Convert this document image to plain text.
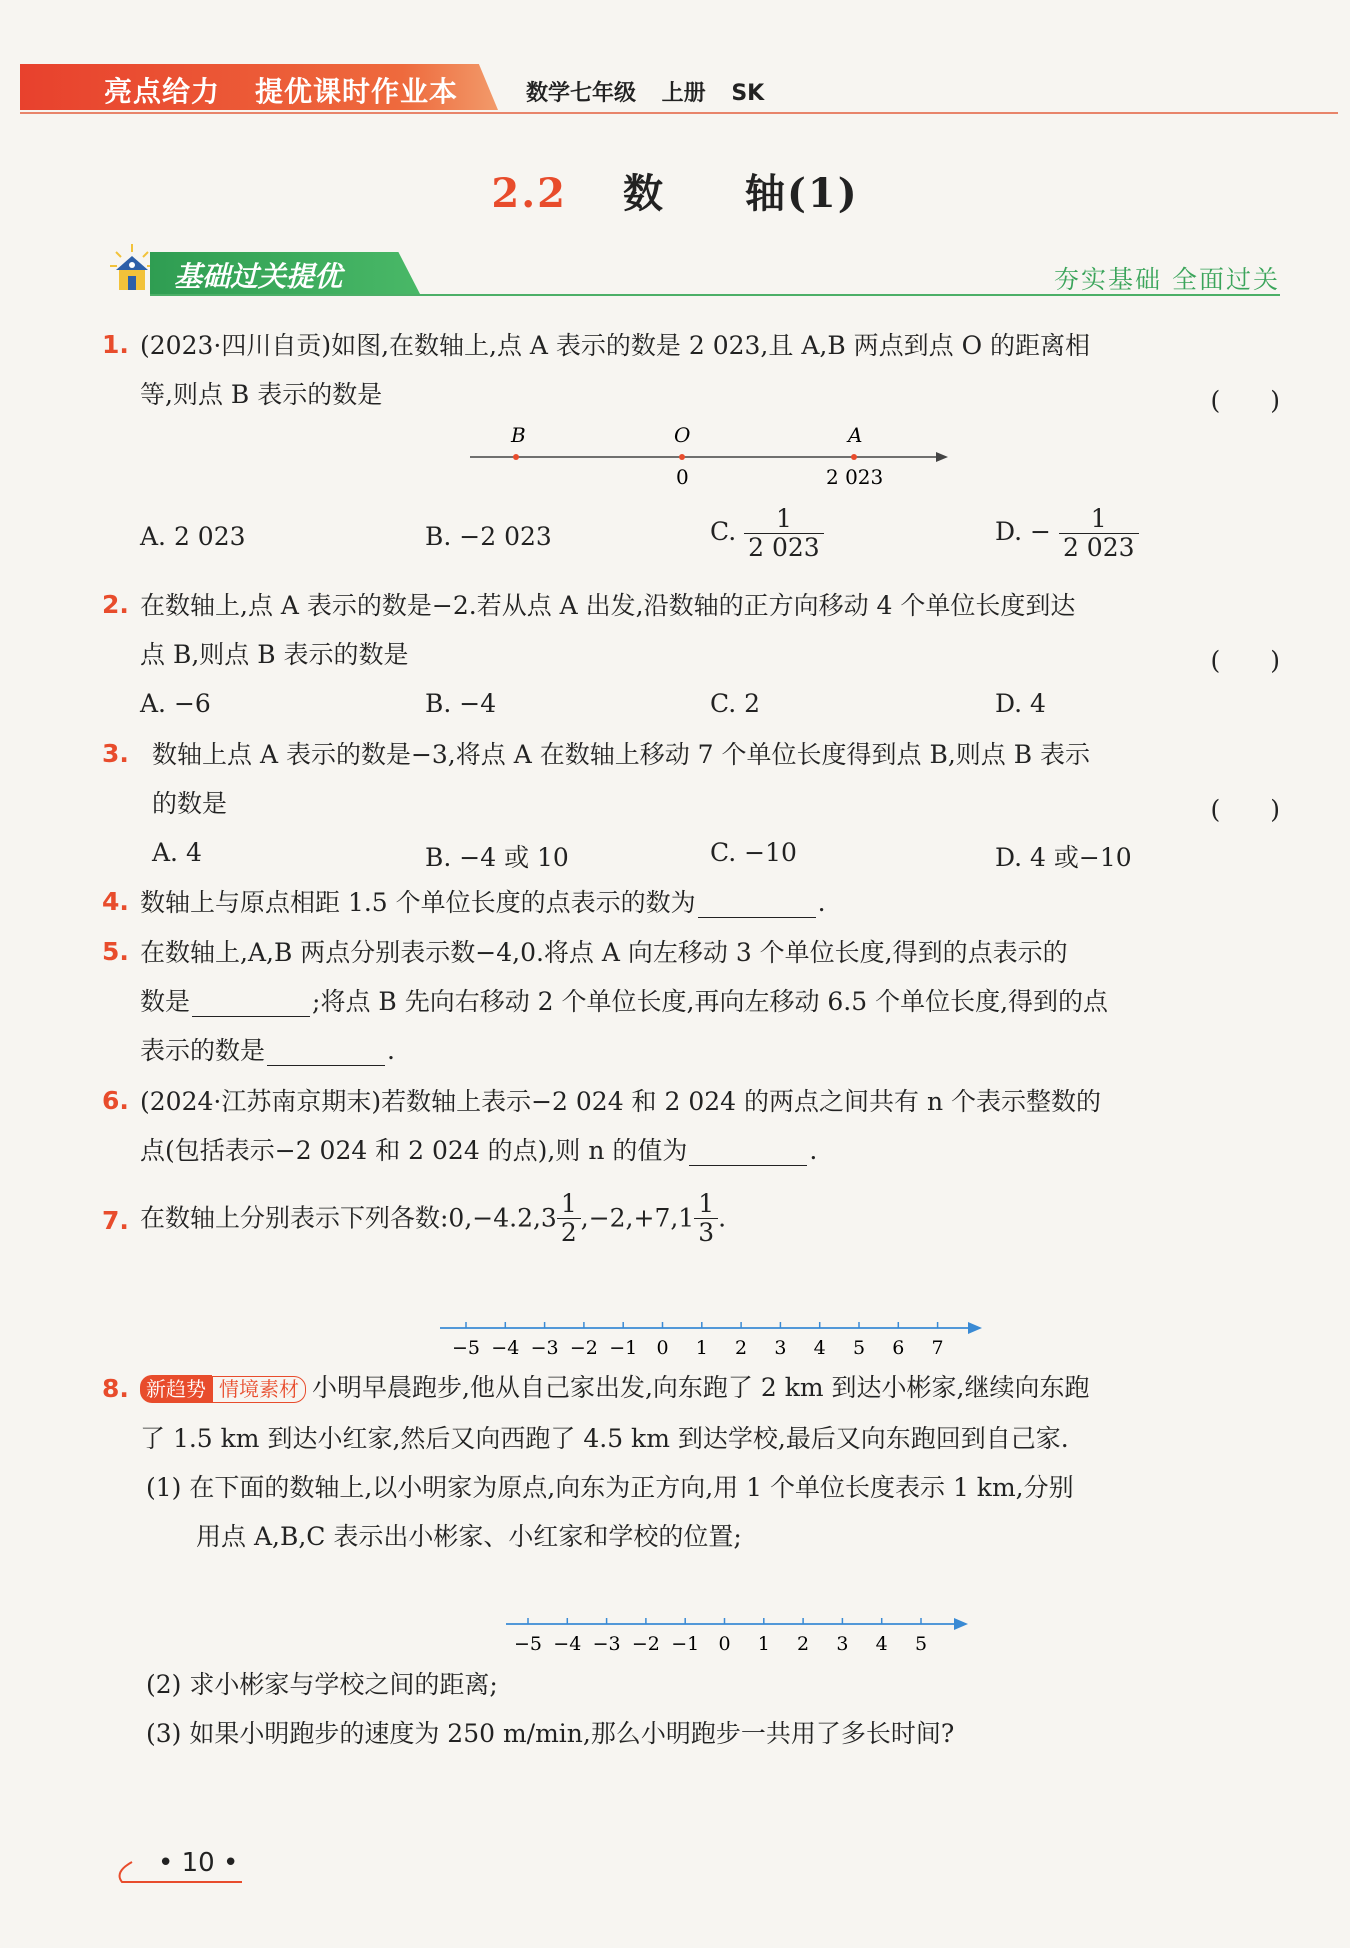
亮点给力 提优课时作业本	数学七年级 上册 SK
2.2 数 轴(1)
基础过关提优	夯实基础 全面过关
1. (2023·四川自贡)如图,在数轴上,点 A 表示的数是 2 023,且 A,B 两点到点 O 的距离相
等,则点 B 表示的数是	(　　)
B	O	A
0	2 023
A. 2 023	B. −2 023	C. $\frac{1}{2 023}$	D. − $\frac{1}{2 023}$
2. 在数轴上,点 A 表示的数是−2.若从点 A 出发,沿数轴的正方向移动 4 个单位长度到达
点 B,则点 B 表示的数是	(　　)
A. −6	B. −4	C. 2	D. 4
3. 数轴上点 A 表示的数是−3,将点 A 在数轴上移动 7 个单位长度得到点 B,则点 B 表示
的数是	(　　)
A. 4	B. −4 或 10	C. −10	D. 4 或−10
4. 数轴上与原点相距 1.5 个单位长度的点表示的数为	.
5. 在数轴上,A,B 两点分别表示数−4,0.将点 A 向左移动 3 个单位长度,得到的点表示的
数是	;将点 B 先向右移动 2 个单位长度,再向左移动 6.5 个单位长度,得到的点
表示的数是	.
6. (2024·江苏南京期末)若数轴上表示−2 024 和 2 024 的两点之间共有 n 个表示整数的
点(包括表示−2 024 和 2 024 的点),则 n 的值为	.
7. 在数轴上分别表示下列各数:0,−4.2,3 $\frac{1}{2} ,-2,+7,1 \frac{1}{3}$ .
−5 −4 −3 −2 −1 0 1 2 3 4 5 6 7
8. 新趋势 情境素材 小明早晨跑步,他从自己家出发,向东跑了 2 km 到达小彬家,继续向东跑
了 1.5 km 到达小红家,然后又向西跑了 4.5 km 到达学校,最后又向东跑回到自己家.
(1) 在下面的数轴上,以小明家为原点,向东为正方向,用 1 个单位长度表示 1 km,分别
用点 A,B,C 表示出小彬家、小红家和学校的位置;
−5 −4 −3 −2 −1 0 1 2 3 4 5
(2) 求小彬家与学校之间的距离;
(3) 如果小明跑步的速度为 250 m/min,那么小明跑步一共用了多长时间?
• 10 •
